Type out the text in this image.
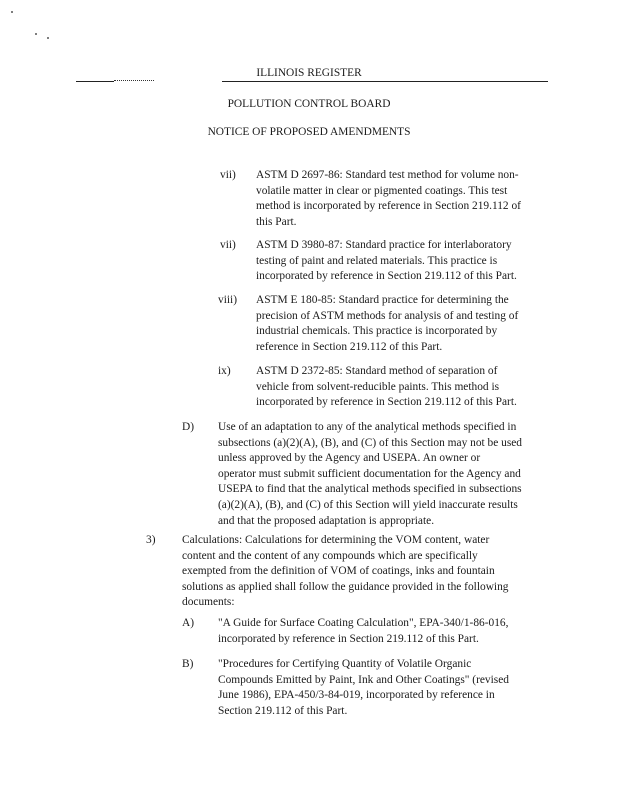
ILLINOIS REGISTER
POLLUTION CONTROL BOARD
NOTICE OF PROPOSED AMENDMENTS
vii) ASTM D 2697-86: Standard test method for volume non-
volatile matter in clear or pigmented coatings. This test
method is incorporated by reference in Section 219.112 of
this Part.
vii) ASTM D 3980-87: Standard practice for interlaboratory
testing of paint and related materials. This practice is
incorporated by reference in Section 219.112 of this Part.
viii) ASTM E 180-85: Standard practice for determining the
precision of ASTM methods for analysis of and testing of
industrial chemicals. This practice is incorporated by
reference in Section 219.112 of this Part.
ix) ASTM D 2372-85: Standard method of separation of
vehicle from solvent-reducible paints. This method is
incorporated by reference in Section 219.112 of this Part.
D) Use of an adaptation to any of the analytical methods specified in
subsections (a)(2)(A), (B), and (C) of this Section may not be used
unless approved by the Agency and USEPA. An owner or
operator must submit sufficient documentation for the Agency and
USEPA to find that the analytical methods specified in subsections
(a)(2)(A), (B), and (C) of this Section will yield inaccurate results
and that the proposed adaptation is appropriate.
3) Calculations: Calculations for determining the VOM content, water
content and the content of any compounds which are specifically
exempted from the definition of VOM of coatings, inks and fountain
solutions as applied shall follow the guidance provided in the following
documents:
A) "A Guide for Surface Coating Calculation", EPA-340/1-86-016,
incorporated by reference in Section 219.112 of this Part.
B) "Procedures for Certifying Quantity of Volatile Organic
Compounds Emitted by Paint, Ink and Other Coatings" (revised
June 1986), EPA-450/3-84-019, incorporated by reference in
Section 219.112 of this Part.
